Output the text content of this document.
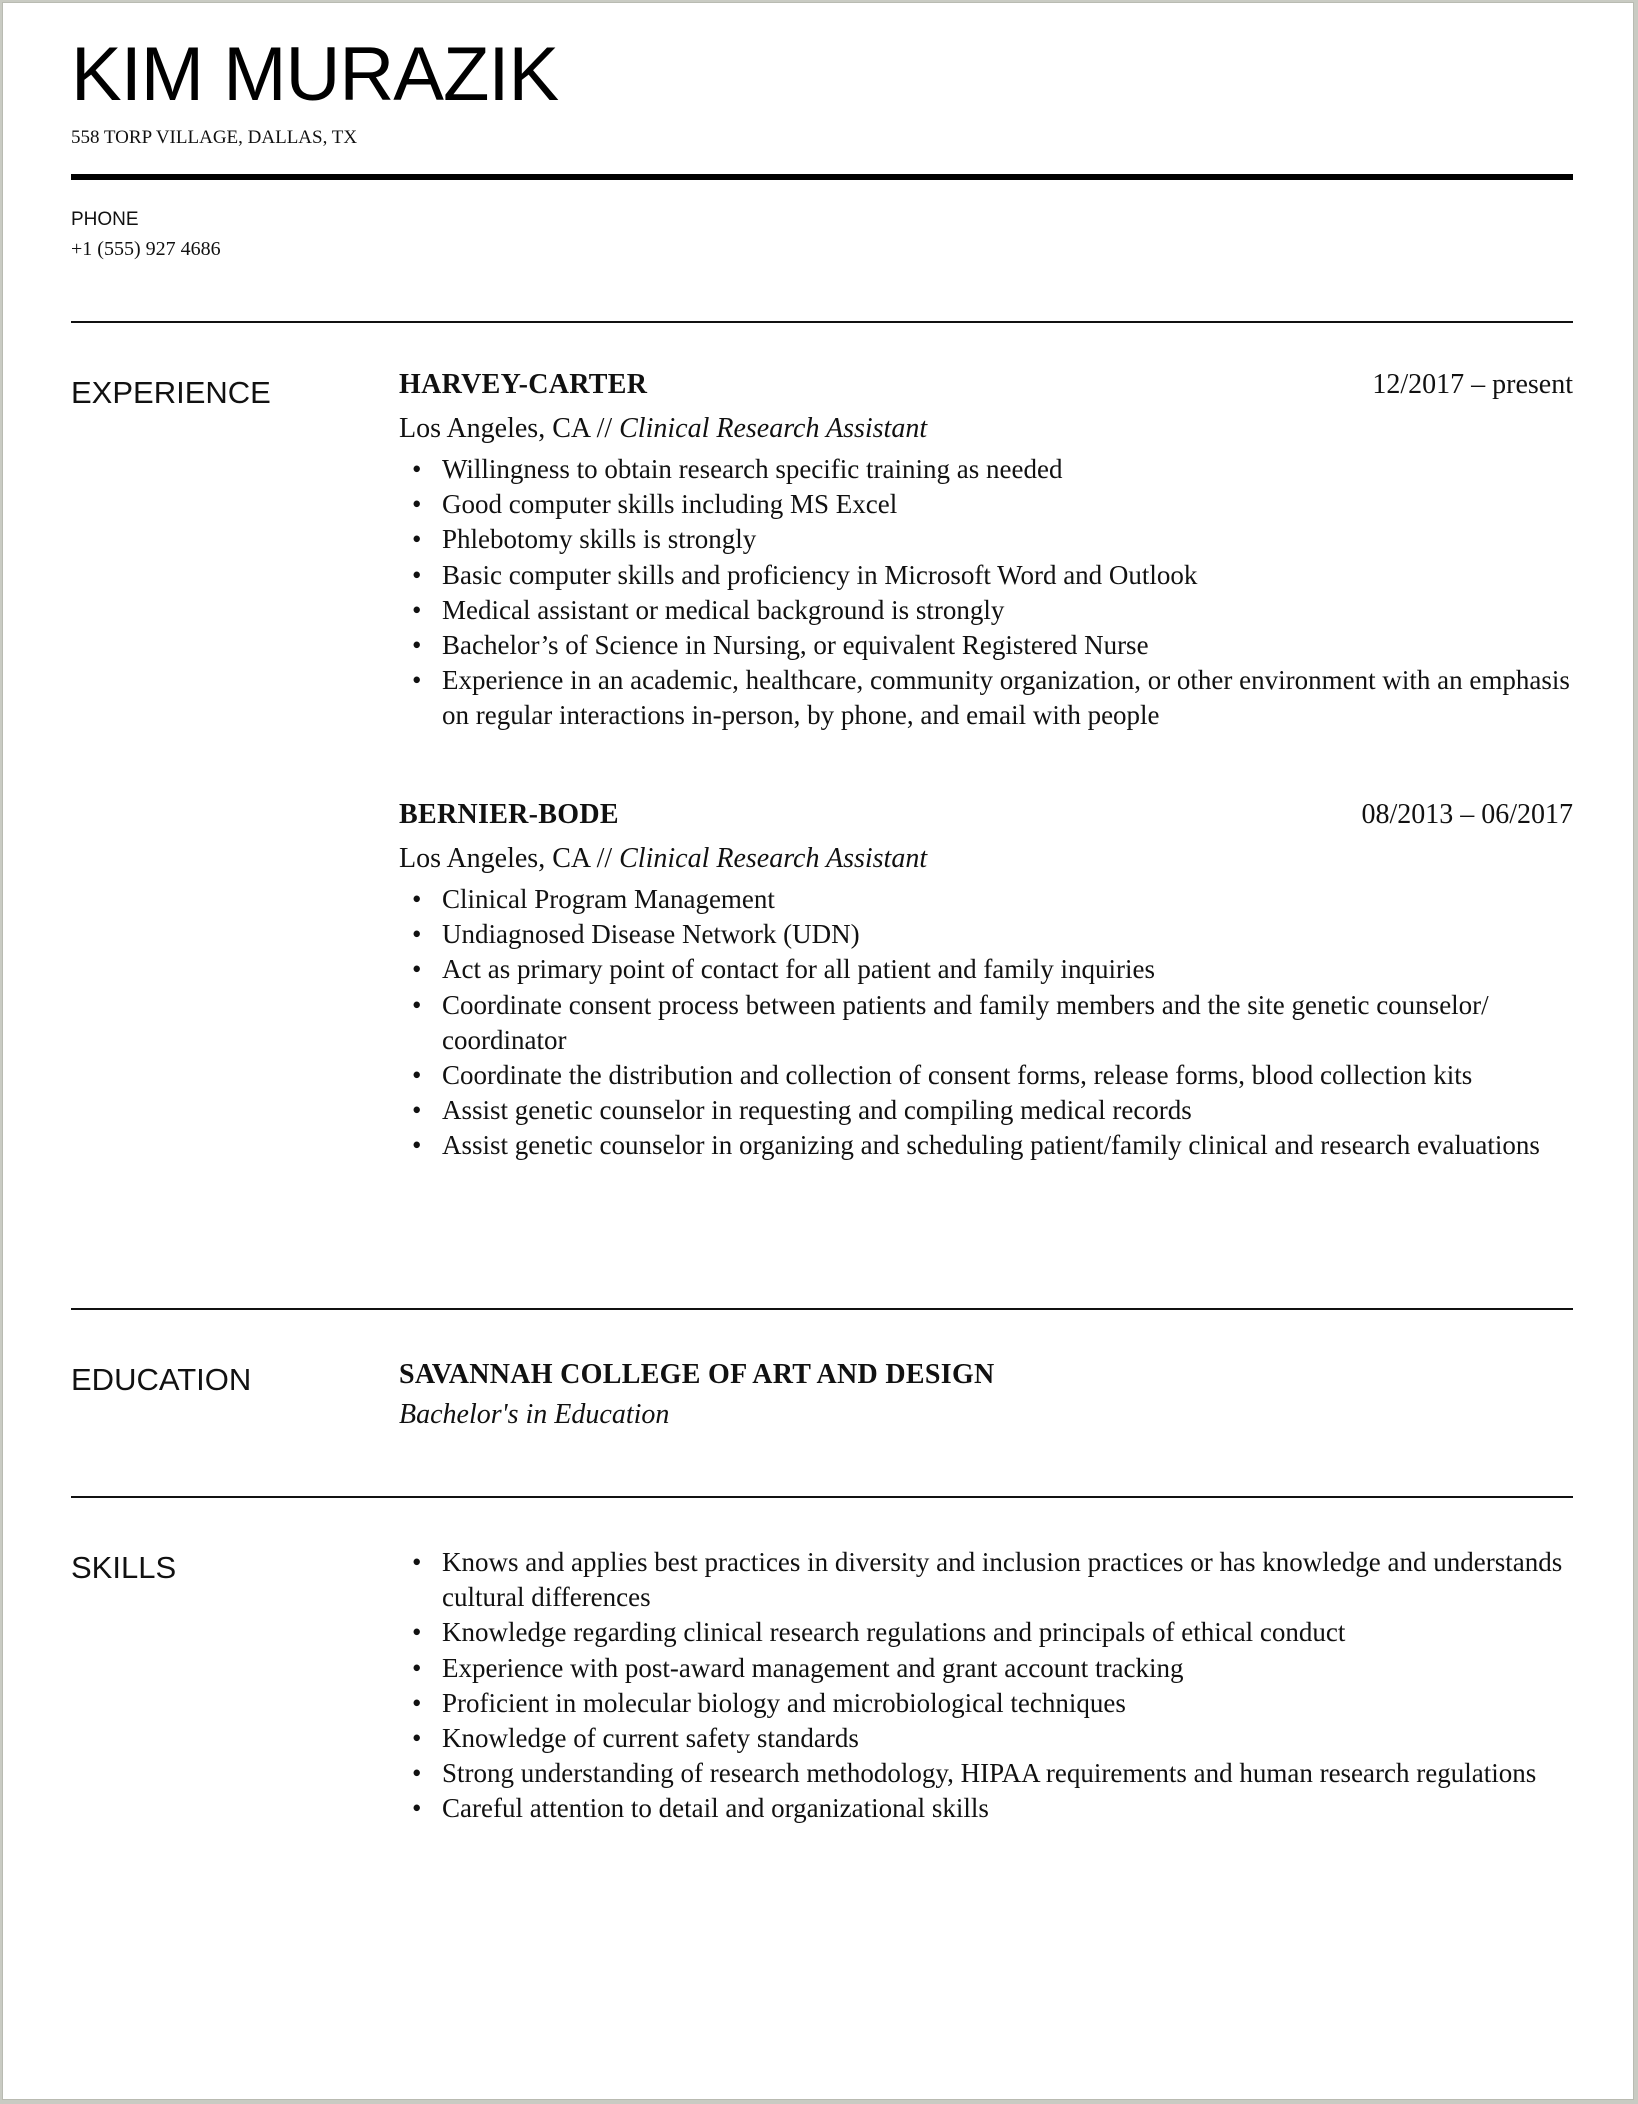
KIM MURAZIK
558 TORP VILLAGE, DALLAS, TX
PHONE
+1 (555) 927 4686
EXPERIENCE	HARVEY-CARTER	12/2017 – present
Los Angeles, CA // Clinical Research Assistant
• Willingness to obtain research specific training as needed
• Good computer skills including MS Excel
• Phlebotomy skills is strongly
• Basic computer skills and proficiency in Microsoft Word and Outlook
• Medical assistant or medical background is strongly
• Bachelor’s of Science in Nursing, or equivalent Registered Nurse
• Experience in an academic, healthcare, community organization, or other environment with an emphasis on regular interactions in-person, by phone, and email with people
BERNIER-BODE	08/2013 – 06/2017
Los Angeles, CA // Clinical Research Assistant
• Clinical Program Management
• Undiagnosed Disease Network (UDN)
• Act as primary point of contact for all patient and family inquiries
• Coordinate consent process between patients and family members and the site genetic counselor/ coordinator
• Coordinate the distribution and collection of consent forms, release forms, blood collection kits
• Assist genetic counselor in requesting and compiling medical records
• Assist genetic counselor in organizing and scheduling patient/family clinical and research evaluations
EDUCATION	SAVANNAH COLLEGE OF ART AND DESIGN
Bachelor's in Education
SKILLS
•	Knows and applies best practices in diversity and inclusion practices or has knowledge and understands cultural differences
• Knowledge regarding clinical research regulations and principals of ethical conduct
• Experience with post-award management and grant account tracking
• Proficient in molecular biology and microbiological techniques
• Knowledge of current safety standards
• Strong understanding of research methodology, HIPAA requirements and human research regulations
• Careful attention to detail and organizational skills
